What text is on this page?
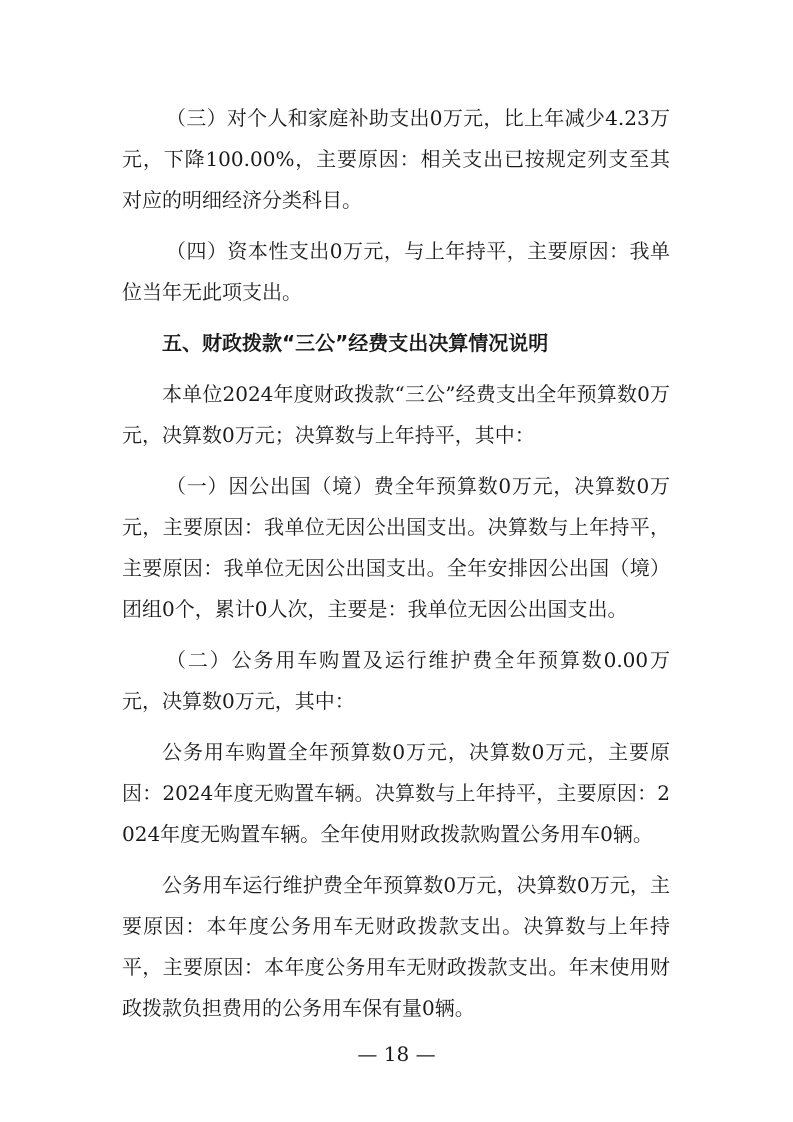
（三）对个人和家庭补助支出0万元，比上年减少4.23万元，下降100.00%，主要原因：相关支出已按规定列支至其对应的明细经济分类科目。

（四）资本性支出0万元，与上年持平，主要原因：我单位当年无此项支出。

五、财政拨款“三公”经费支出决算情况说明

本单位2024年度财政拨款“三公”经费支出全年预算数0万元，决算数0万元；决算数与上年持平，其中：

（一）因公出国（境）费全年预算数0万元，决算数0万元，主要原因：我单位无因公出国支出。决算数与上年持平，主要原因：我单位无因公出国支出。全年安排因公出国（境）团组0个，累计0人次，主要是：我单位无因公出国支出。

（二）公务用车购置及运行维护费全年预算数0.00万元，决算数0万元，其中：

公务用车购置全年预算数0万元，决算数0万元，主要原因：2024年度无购置车辆。决算数与上年持平，主要原因：2024年度无购置车辆。全年使用财政拨款购置公务用车0辆。

公务用车运行维护费全年预算数0万元，决算数0万元，主要原因：本年度公务用车无财政拨款支出。决算数与上年持平，主要原因：本年度公务用车无财政拨款支出。年末使用财政拨款负担费用的公务用车保有量0辆。

— 18 —
